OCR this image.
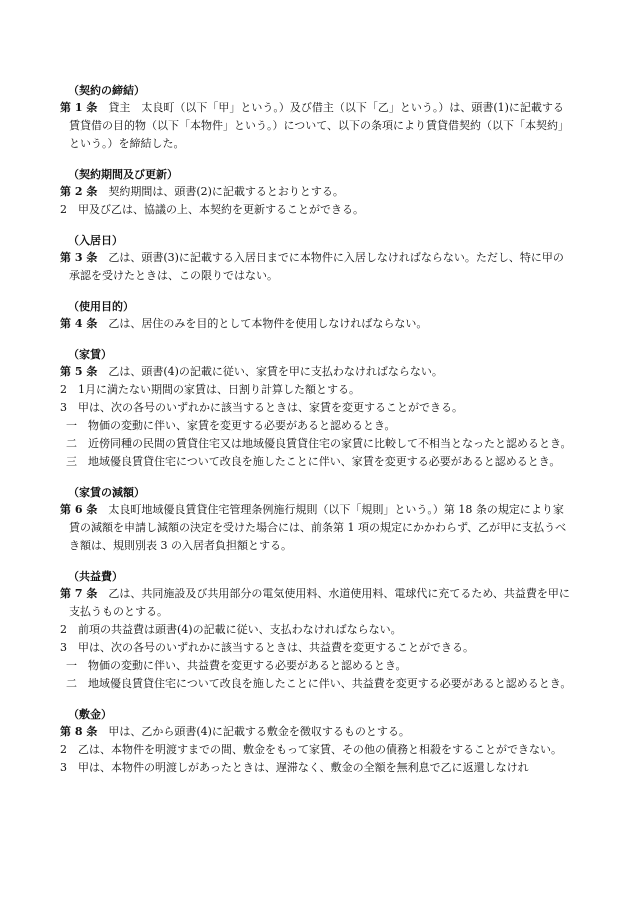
（契約の締結）
第 1 条　貸主　太良町（以下「甲」という。）及び借主（以下「乙」という。）は、頭書(1)に記載する賃貸借の目的物（以下「本物件」という。）について、以下の条項により賃貸借契約（以下「本契約」という。）を締結した。
（契約期間及び更新）
第 2 条　契約期間は、頭書(2)に記載するとおりとする。
2　甲及び乙は、協議の上、本契約を更新することができる。
（入居日）
第 3 条　乙は、頭書(3)に記載する入居日までに本物件に入居しなければならない。ただし、特に甲の承認を受けたときは、この限りではない。
（使用目的）
第 4 条　乙は、居住のみを目的として本物件を使用しなければならない。
（家賃）
第 5 条　乙は、頭書(4)の記載に従い、家賃を甲に支払わなければならない。
2　1月に満たない期間の家賃は、日割り計算した額とする。
3　甲は、次の各号のいずれかに該当するときは、家賃を変更することができる。
一　物価の変動に伴い、家賃を変更する必要があると認めるとき。
二　近傍同種の民間の賃貸住宅又は地域優良賃貸住宅の家賃に比較して不相当となったと認めるとき。
三　地域優良賃貸住宅について改良を施したことに伴い、家賃を変更する必要があると認めるとき。
（家賃の減額）
第 6 条　太良町地域優良賃貸住宅管理条例施行規則（以下「規則」という。）第 18 条の規定により家賃の減額を申請し減額の決定を受けた場合には、前条第 1 項の規定にかかわらず、乙が甲に支払うべき額は、規則別表 3 の入居者負担額とする。
（共益費）
第 7 条　乙は、共同施設及び共用部分の電気使用料、水道使用料、電球代に充てるため、共益費を甲に支払うものとする。
2　前項の共益費は頭書(4)の記載に従い、支払わなければならない。
3　甲は、次の各号のいずれかに該当するときは、共益費を変更することができる。
一　物価の変動に伴い、共益費を変更する必要があると認めるとき。
二　地域優良賃貸住宅について改良を施したことに伴い、共益費を変更する必要があると認めるとき。
（敷金）
第 8 条　甲は、乙から頭書(4)に記載する敷金を徴収するものとする。
2　乙は、本物件を明渡すまでの間、敷金をもって家賃、その他の債務と相殺をすることができない。
3　甲は、本物件の明渡しがあったときは、遅滞なく、敷金の全額を無利息で乙に返還しなけれ
